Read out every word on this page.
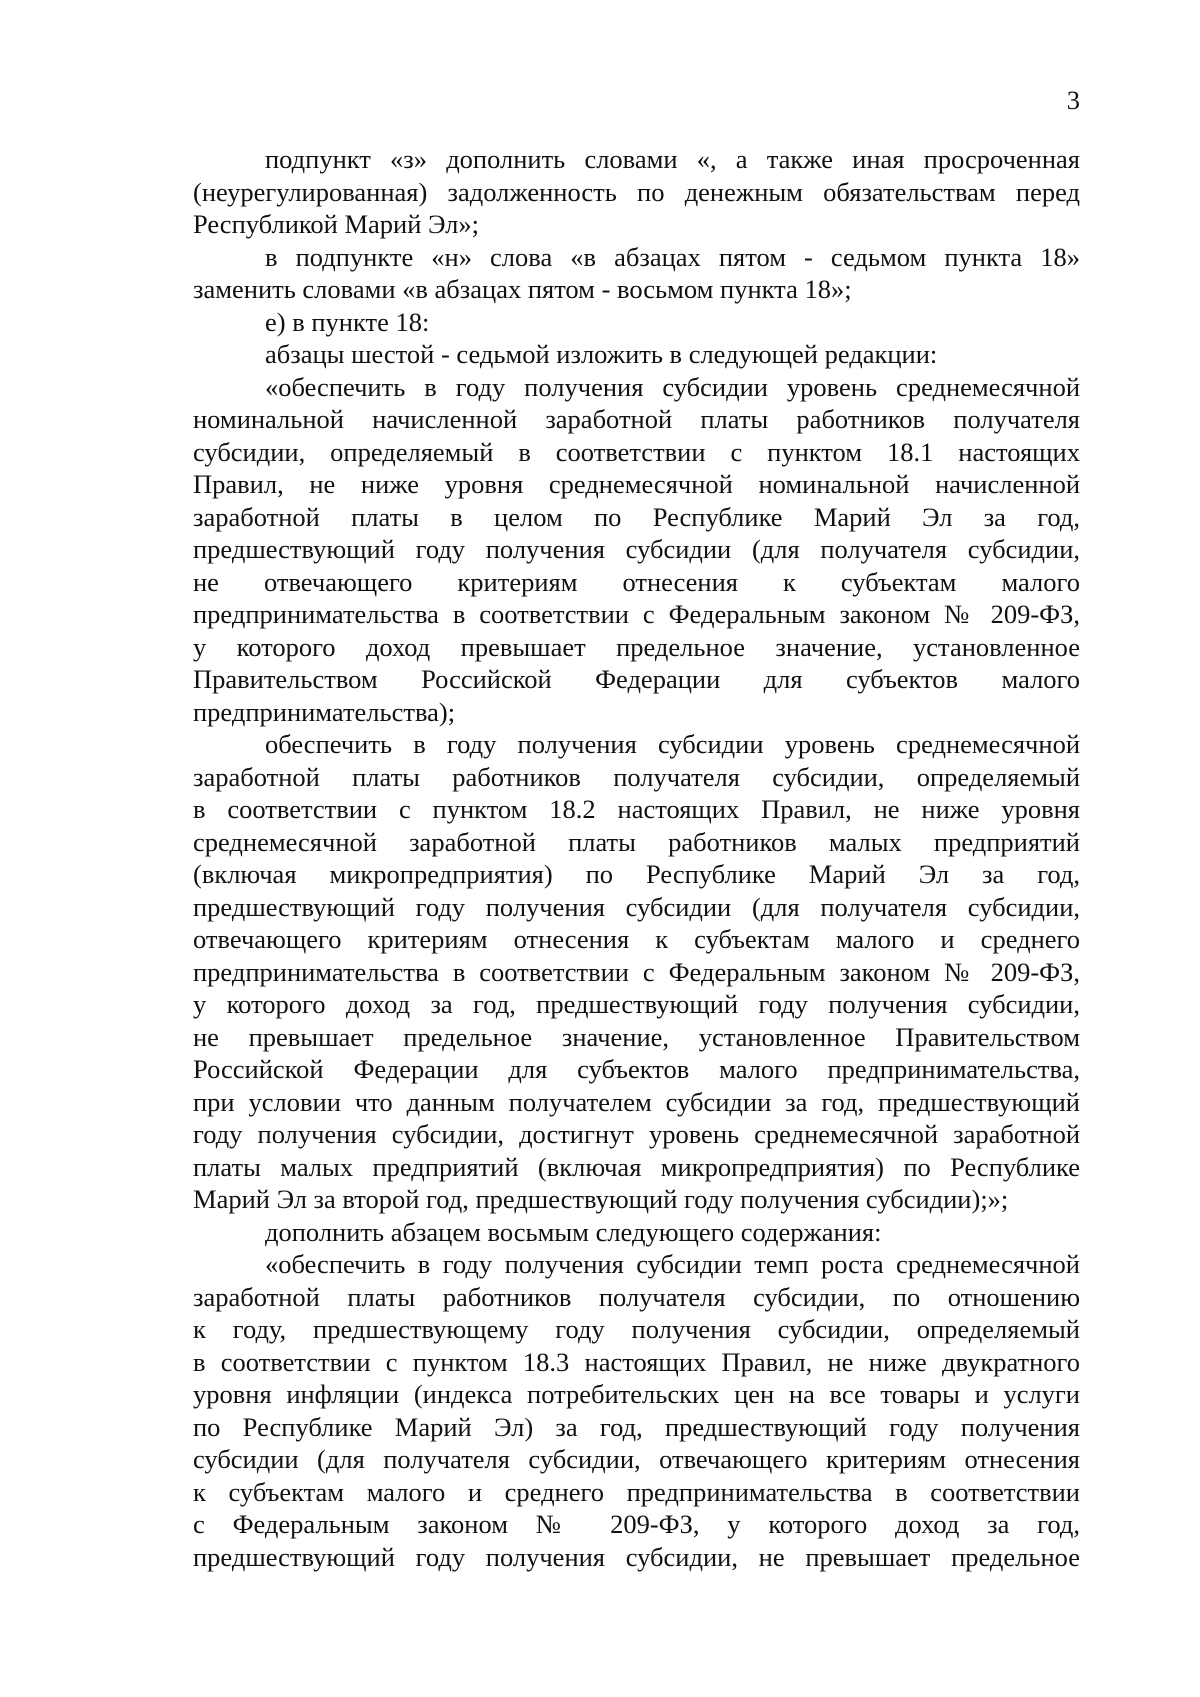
3
подпункт «з» дополнить словами «, а также иная просроченная
(неурегулированная) задолженность по денежным обязательствам перед
Республикой Марий Эл»;
в подпункте «н» слова «в абзацах пятом - седьмом пункта 18»
заменить словами «в абзацах пятом - восьмом пункта 18»;
е) в пункте 18:
абзацы шестой - седьмой изложить в следующей редакции:
«обеспечить в году получения субсидии уровень среднемесячной
номинальной начисленной заработной платы работников получателя
субсидии, определяемый в соответствии с пунктом 18.1 настоящих
Правил, не ниже уровня среднемесячной номинальной начисленной
заработной платы в целом по Республике Марий Эл за год,
предшествующий году получения субсидии (для получателя субсидии,
не отвечающего критериям отнесения к субъектам малого
предпринимательства в соответствии с Федеральным законом № 209-ФЗ,
у которого доход превышает предельное значение, установленное
Правительством Российской Федерации для субъектов малого
предпринимательства);
обеспечить в году получения субсидии уровень среднемесячной
заработной платы работников получателя субсидии, определяемый
в соответствии с пунктом 18.2 настоящих Правил, не ниже уровня
среднемесячной заработной платы работников малых предприятий
(включая микропредприятия) по Республике Марий Эл за год,
предшествующий году получения субсидии (для получателя субсидии,
отвечающего критериям отнесения к субъектам малого и среднего
предпринимательства в соответствии с Федеральным законом № 209-ФЗ,
у которого доход за год, предшествующий году получения субсидии,
не превышает предельное значение, установленное Правительством
Российской Федерации для субъектов малого предпринимательства,
при условии что данным получателем субсидии за год, предшествующий
году получения субсидии, достигнут уровень среднемесячной заработной
платы малых предприятий (включая микропредприятия) по Республике
Марий Эл за второй год, предшествующий году получения субсидии);»;
дополнить абзацем восьмым следующего содержания:
«обеспечить в году получения субсидии темп роста среднемесячной
заработной платы работников получателя субсидии, по отношению
к году, предшествующему году получения субсидии, определяемый
в соответствии с пунктом 18.3 настоящих Правил, не ниже двукратного
уровня инфляции (индекса потребительских цен на все товары и услуги
по Республике Марий Эл) за год, предшествующий году получения
субсидии (для получателя субсидии, отвечающего критериям отнесения
к субъектам малого и среднего предпринимательства в соответствии
с Федеральным законом № 209-ФЗ, у которого доход за год,
предшествующий году получения субсидии, не превышает предельное
